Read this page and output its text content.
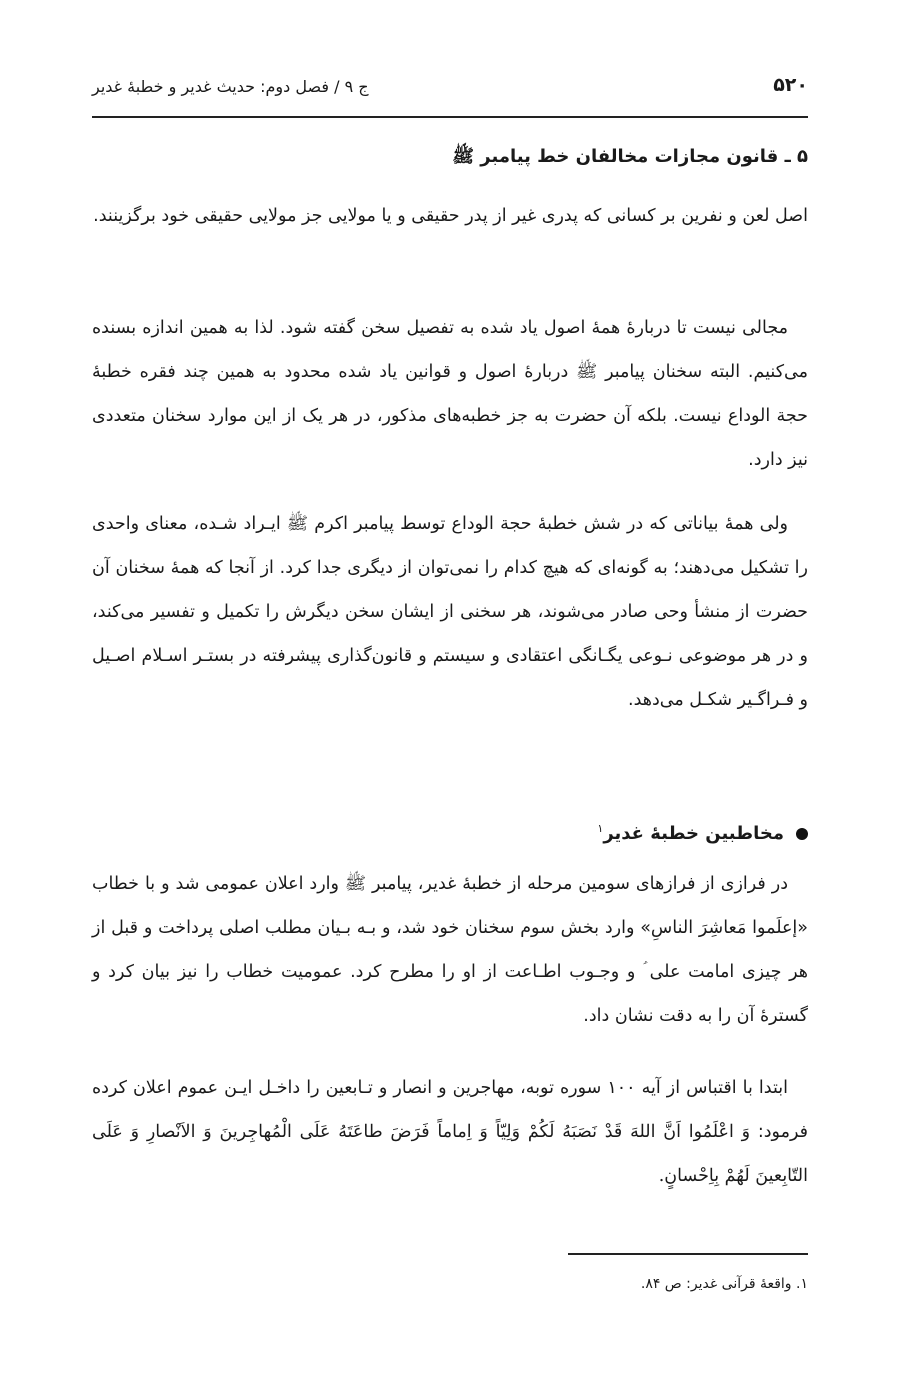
۵۲۰
ج ۹ / فصل دوم: حدیث غدیر و خطبهٔ غدیر
۵ ـ قانون مجازات مخالفان خط پیامبر ﷺ

اصل لعن و نفرین بر کسانی که پدری غیر از پدر حقیقی و یا مولایی جز مولایی حقیقی خود برگزینند.

مجالی نیست تا دربارهٔ همهٔ اصول یاد شده به تفصیل سخن گفته شود. لذا به همین اندازه بسنده می‌کنیم. البته سخنان پیامبر ﷺ دربارهٔ اصول و قوانین یاد شده محدود به همین چند فقره خطبهٔ حجة الوداع نیست. بلکه آن حضرت به جز خطبه‌های مذکور، در هر یک از این موارد سخنان متعددی نیز دارد.

ولی همهٔ بیاناتی که در شش خطبهٔ حجة الوداع توسط پیامبر اکرم ﷺ ایـراد شـده، معنای واحدی را تشکیل می‌دهند؛ به گونه‌ای که هیچ کدام را نمی‌توان از دیگری جدا کرد. از آنجا که همهٔ سخنان آن حضرت از منشأ وحی صادر می‌شوند، هر سخنی از ایشان سخن دیگرش را تکمیل و تفسیر می‌کند، و در هر موضوعی نـوعی یگـانگی اعتقادی و سیستم و قانون‌گذاری پیشرفته در بستـر اسـلام اصـیل و فـراگـیر شکـل می‌دهد.

مخاطبین خطبهٔ غدیر$^۱$

در فرازی از فرازهای سومین مرحله از خطبهٔ غدیر، پیامبر ﷺ وارد اعلان عمومی شد و با خطاب «إعلَموا مَعاشِرَ الناسِ» وارد بخش سوم سخنان خود شد، و بـه بـیان مطلب اصلی پرداخت و قبل از هر چیزی امامت علی ؑ و وجـوب اطـاعت از او را مطرح کرد. عمومیت خطاب را نیز بیان کرد و گسترهٔ آن را به دقت نشان داد.

ابتدا با اقتباس از آیه ۱۰۰ سوره توبه، مهاجرین و انصار و تـابعین را داخـل ایـن عموم اعلان کرده فرمود: وَ اعْلَمُوا اَنَّ اللهَ قَدْ نَصَبَهُ لَکُمْ وَلِیّاً وَ اِماماً فَرَضَ طاعَتَهُ عَلَی الْمُهاجِرینَ وَ الاَنْصارِ وَ عَلَی التّابِعینَ لَهُمْ بِاِحْسانٍ.

۱. واقعهٔ قرآنی غدیر: ص ۸۴.
